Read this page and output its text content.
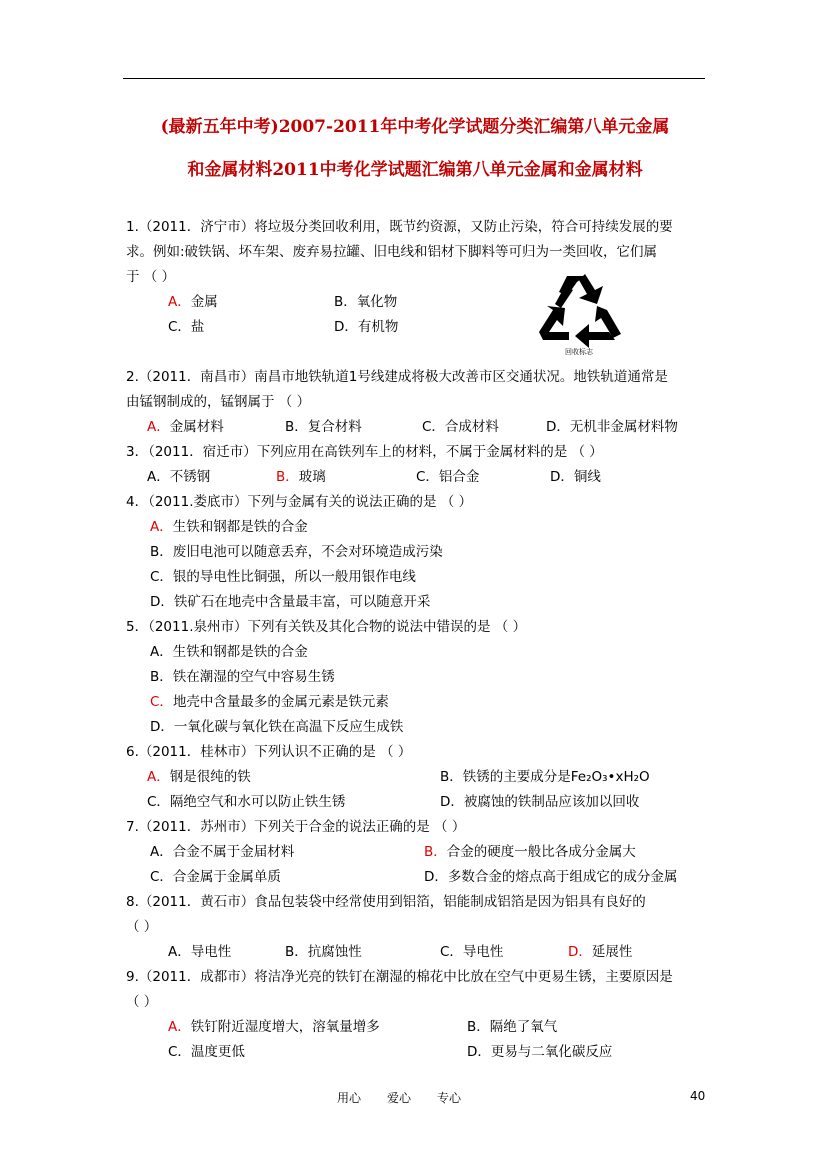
(最新五年中考)2007-2011年中考化学试题分类汇编第八单元金属
和金属材料2011中考化学试题汇编第八单元金属和金属材料
1.（2011．济宁市）将垃圾分类回收利用，既节约资源，又防止污染，符合可持续发展的要
求。例如:破铁锅、坏车架、废弃易拉罐、旧电线和铝材下脚料等可归为一类回收，它们属
于 （ ）
A．金属	B．氧化物
C．盐	D．有机物
回收标志
2.（2011．南昌市）南昌市地铁轨道1号线建成将极大改善市区交通状况。地铁轨道通常是
由锰钢制成的，锰钢属于 （ ）
A．金属材料	B．复合材料	C．合成材料	D．无机非金属材料物
3．（2011．宿迁市）下列应用在高铁列车上的材料，不属于金属材料的是 （ ）
A．不锈钢	B．玻璃	C．铝合金	D．铜线
4．（2011.娄底市）下列与金属有关的说法正确的是 （ ）
A．生铁和钢都是铁的合金
B．废旧电池可以随意丢弃，不会对环境造成污染
C．银的导电性比铜强，所以一般用银作电线
D．铁矿石在地壳中含量最丰富，可以随意开采
5．（2011.泉州市）下列有关铁及其化合物的说法中错误的是 （ ）
A．生铁和钢都是铁的合金
B．铁在潮湿的空气中容易生锈
C．地壳中含量最多的金属元素是铁元素
D．一氧化碳与氧化铁在高温下反应生成铁
6.（2011．桂林市）下列认识不正确的是 （ ）
A．钢是很纯的铁	B．铁锈的主要成分是Fe₂O₃•xH₂O
C．隔绝空气和水可以防止铁生锈	D．被腐蚀的铁制品应该加以回收
7.（2011．苏州市）下列关于合金的说法正确的是 （ ）
A．合金不属于金届材料	B．合金的硬度一般比各成分金属大
C．合金属于金属单质	D．多数合金的熔点高于组成它的成分金属
8.（2011．黄石市）食品包装袋中经常使用到铝箔，铝能制成铝箔是因为铝具有良好的
（ ）
A．导电性	B．抗腐蚀性	C．导电性	D．延展性
9.（2011．成都市）将洁净光亮的铁钉在潮湿的棉花中比放在空气中更易生锈，主要原因是
（ ）
A．铁钉附近湿度增大，溶氧量增多	B．隔绝了氧气
C．温度更低	D．更易与二氧化碳反应
用心 爱心 专心	40
